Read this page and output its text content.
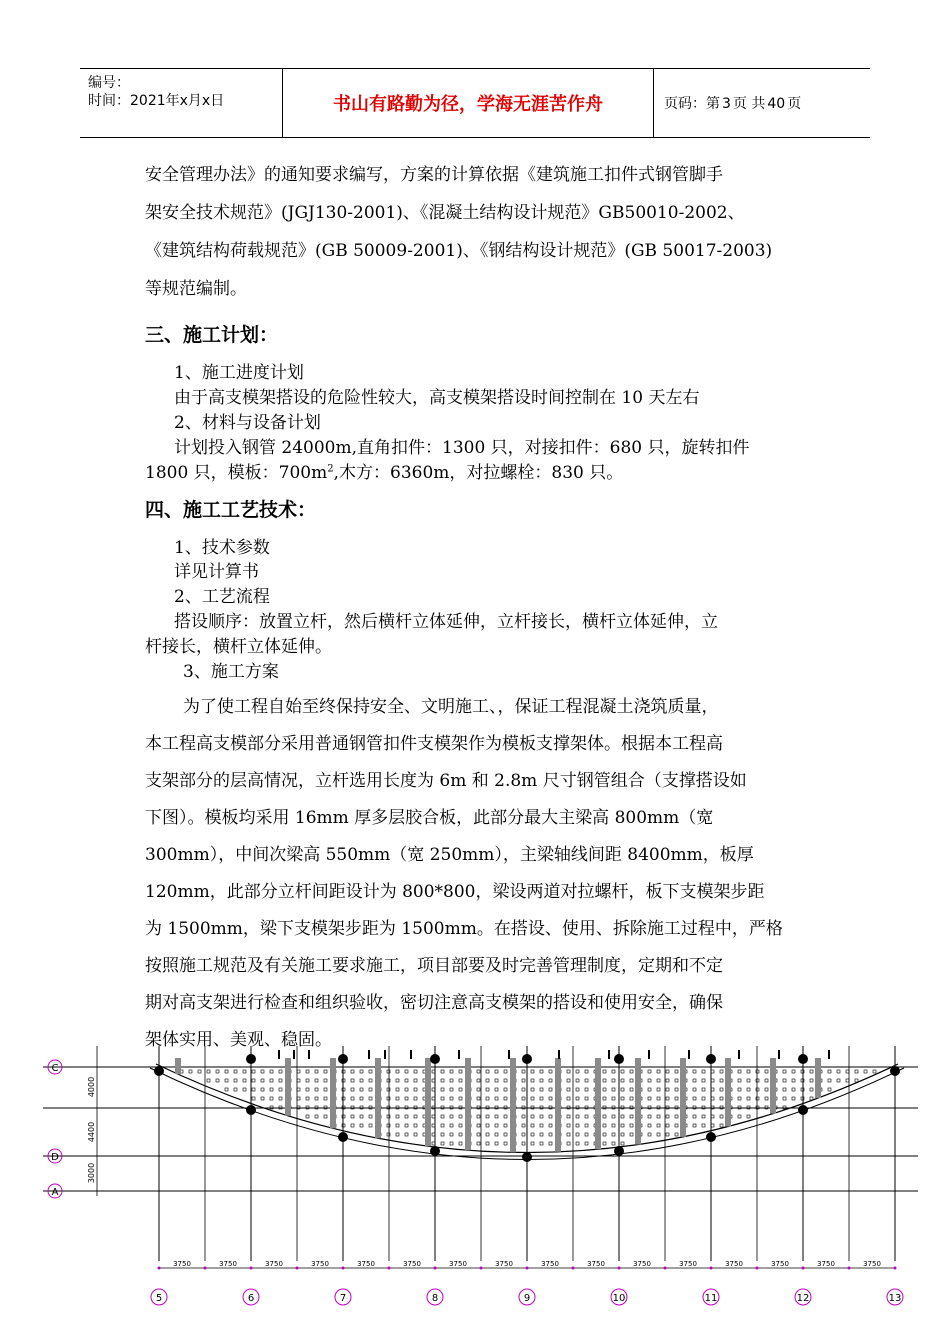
编号：
时间：2021年x月x日	书山有路勤为径，学海无涯苦作舟	页码：第 3 页 共 40 页
安全管理办法》的通知要求编写，方案的计算依据《建筑施工扣件式钢管脚手
架安全技术规范》(JGJ130-2001)、《混凝土结构设计规范》GB50010-2002、
《建筑结构荷载规范》(GB 50009-2001)、《钢结构设计规范》(GB 50017-2003)
等规范编制。
三、施工计划：
1、施工进度计划
由于高支模架搭设的危险性较大，高支模架搭设时间控制在 10 天左右
2、材料与设备计划
计划投入钢管 24000m,直角扣件：1300 只，对接扣件：680 只，旋转扣件
1800 只，模板：$700m^2$,木方：6360m，对拉螺栓：830 只。
四、施工工艺技术：
1、技术参数
详见计算书
2、工艺流程
搭设顺序：放置立杆，然后横杆立体延伸，立杆接长，横杆立体延伸，立
杆接长，横杆立体延伸。
3、施工方案
为了使工程自始至终保持安全、文明施工、，保证工程混凝土浇筑质量，
本工程高支模部分采用普通钢管扣件支模架作为模板支撑架体。根据本工程高
支架部分的层高情况，立杆选用长度为 6m 和 2.8m 尺寸钢管组合（支撑搭设如
下图）。模板均采用 16mm 厚多层胶合板，此部分最大主梁高 800mm（宽
300mm），中间次梁高 550mm（宽 250mm），主梁轴线间距 8400mm，板厚
120mm，此部分立杆间距设计为 800*800，梁设两道对拉螺杆，板下支模架步距
为 1500mm，梁下支模架步距为 1500mm。在搭设、使用、拆除施工过程中，严格
按照施工规范及有关施工要求施工，项目部要及时完善管理制度，定期和不定
期对高支架进行检查和组织验收，密切注意高支模架的搭设和使用安全，确保
架体实用、美观、稳固。
C
D
A
4000
4400
3000
3750	3750	3750	3750	3750	3750	3750	3750	3750	3750	3750	3750	3750	3750	3750	3750
5	6	7	8	9	10	11	12	13
